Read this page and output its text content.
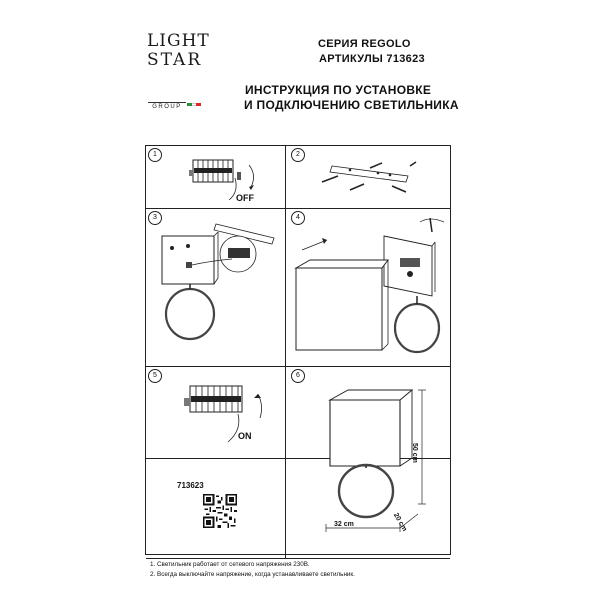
LIGHT
STAR
GROUP
СЕРИЯ REGOLO
АРТИКУЛЫ 713623
ИНСТРУКЦИЯ ПО УСТАНОВКЕ
И ПОДКЛЮЧЕНИЮ СВЕТИЛЬНИКА
1	2
3	4
5	6
OFF
ON
32 cm
50 cm
20 cm
713623
1. Светильник работает от сетевого напряжения 230В.
2. Всегда выключайте напряжение, когда устанавливаете светильник.
